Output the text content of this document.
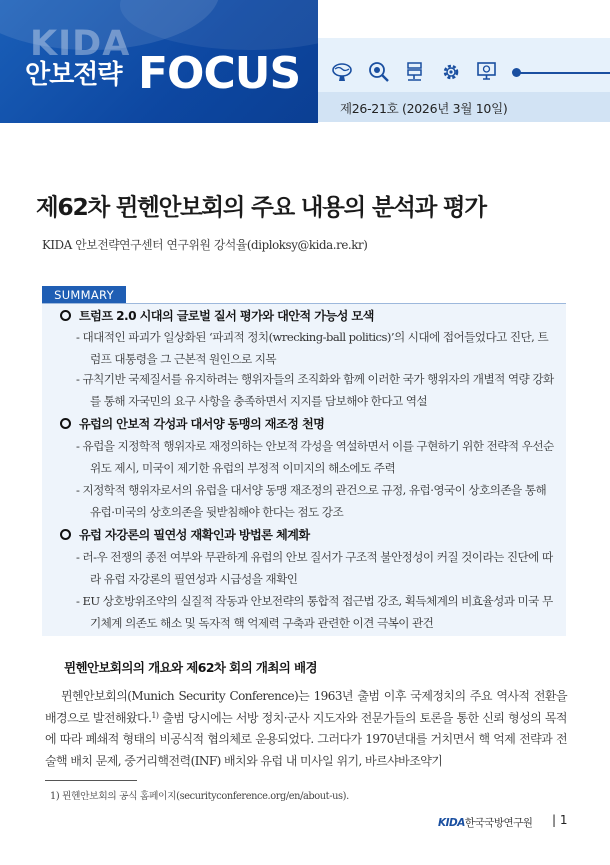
KIDA
안보전략 FOCUS
제26-21호 (2026년 3월 10일)
제62차 뮌헨안보회의 주요 내용의 분석과 평가
KIDA 안보전략연구센터 연구위원 강석율(diploksy@kida.re.kr)
SUMMARY
트럼프 2.0 시대의 글로벌 질서 평가와 대안적 가능성 모색
- 대대적인 파괴가 일상화된 ‘파괴적 정치(wrecking-ball politics)’의 시대에 접어들었다고 진단, 트럼프 대통령을 그 근본적 원인으로 지목
- 규칙기반 국제질서를 유지하려는 행위자들의 조직화와 함께 이러한 국가 행위자의 개별적 역량 강화를 통해 자국민의 요구 사항을 충족하면서 지지를 담보해야 한다고 역설
유럽의 안보적 각성과 대서양 동맹의 재조정 천명
- 유럽을 지정학적 행위자로 재정의하는 안보적 각성을 역설하면서 이를 구현하기 위한 전략적 우선순위도 제시, 미국이 제기한 유럽의 부정적 이미지의 해소에도 주력
- 지정학적 행위자로서의 유럽을 대서양 동맹 재조정의 관건으로 규정, 유럽·영국이 상호의존을 통해 유럽·미국의 상호의존을 뒷받침해야 한다는 점도 강조
유럽 자강론의 필연성 재확인과 방법론 체계화
- 러-우 전쟁의 종전 여부와 무관하게 유럽의 안보 질서가 구조적 불안정성이 커질 것이라는 진단에 따라 유럽 자강론의 필연성과 시급성을 재확인
- EU 상호방위조약의 실질적 작동과 안보전략의 통합적 접근법 강조, 획득체계의 비효율성과 미국 무기체계 의존도 해소 및 독자적 핵 억제력 구축과 관련한 이견 극복이 관건
뮌헨안보회의의 개요와 제62차 회의 개최의 배경
뮌헨안보회의(Munich Security Conference)는 1963년 출범 이후 국제정치의 주요 역사적 전환을 배경으로 발전해왔다.$^{1)}$ 출범 당시에는 서방 정치·군사 지도자와 전문가들의 토론을 통한 신뢰 형성의 목적에 따라 폐쇄적 형태의 비공식적 협의체로 운용되었다. 그러다가 1970년대를 거치면서 핵 억제 전략과 전술핵 배치 문제, 중거리핵전력(INF) 배치와 유럽 내 미사일 위기, 바르샤바조약기
1) 뮌헨안보회의 공식 홈페이지(securityconference.org/en/about-us).
KIDA한국국방연구원 | 1
